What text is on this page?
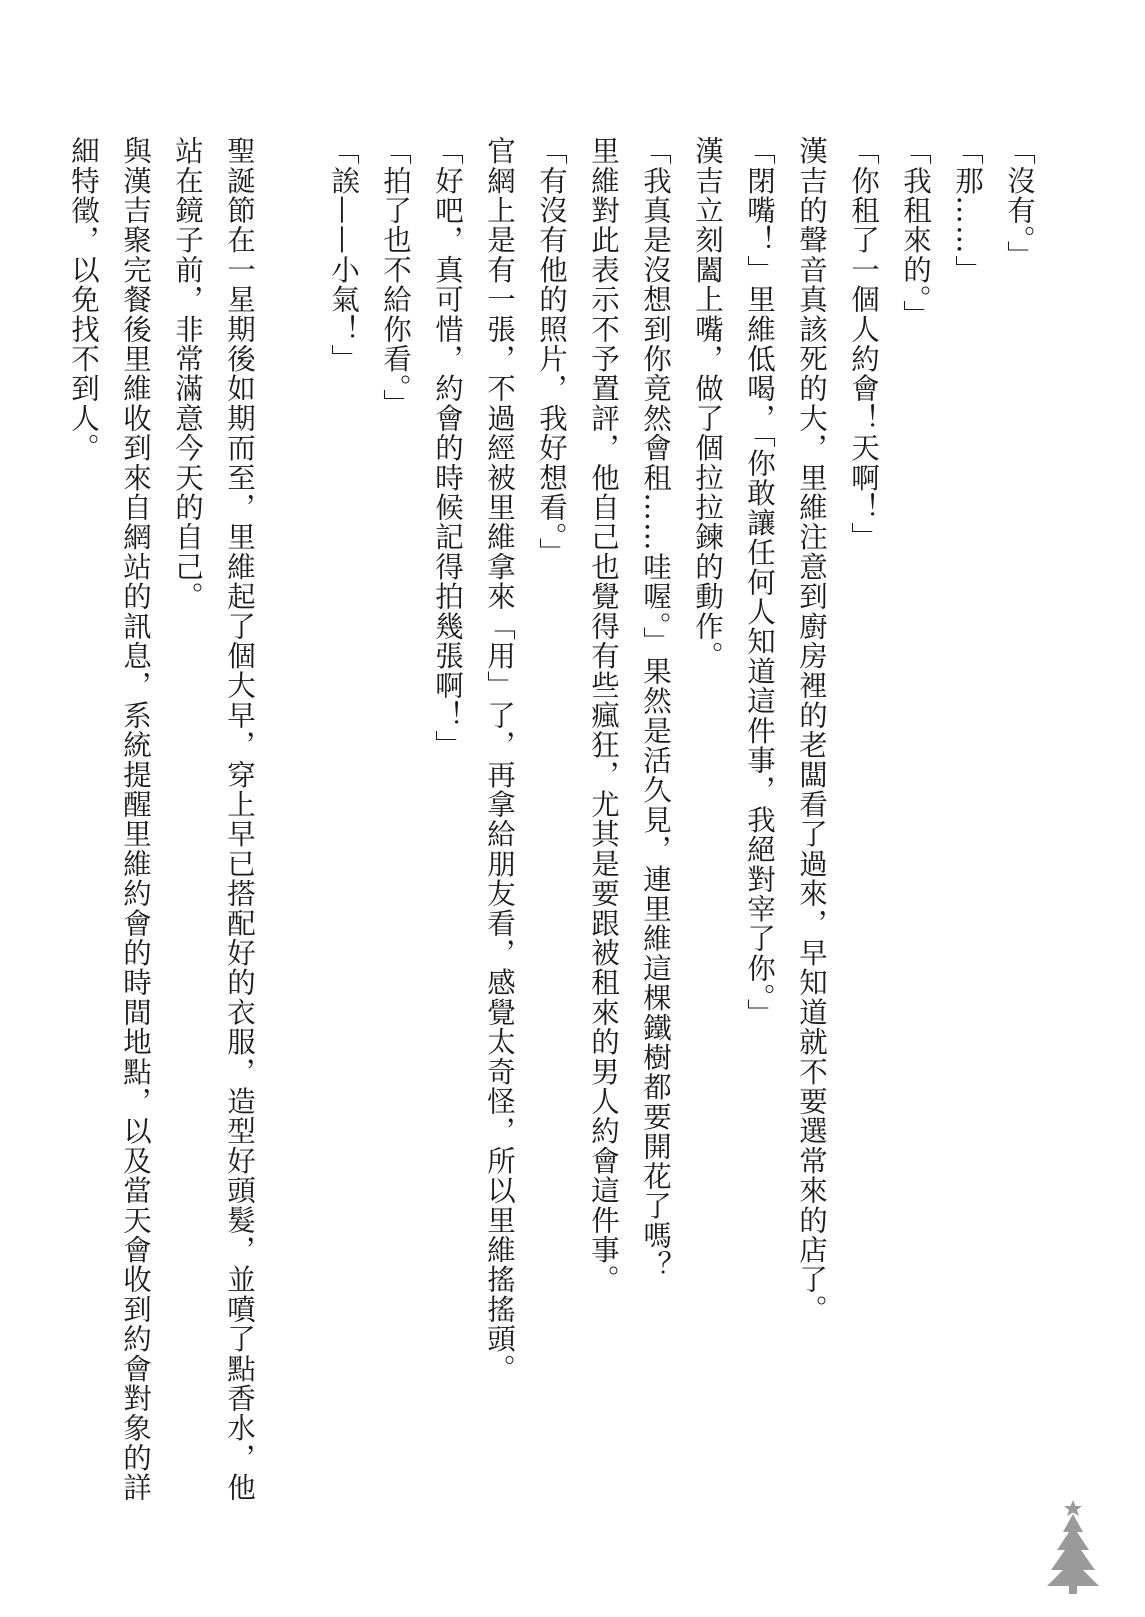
「沒有。」

「那……」

「我租來的。」

「你租了一個人約會！天啊！」

漢吉的聲音真該死的大，里維注意到廚房裡的老闆看了過來，早知道就不要選常來的店了。

「閉嘴！」里維低喝，「你敢讓任何人知道這件事，我絕對宰了你。」

漢吉立刻闔上嘴，做了個拉拉鍊的動作。

「我真是沒想到你竟然會租……哇喔。」果然是活久見，連里維這棵鐵樹都要開花了嗎？

里維對此表示不予置評，他自己也覺得有些瘋狂，尤其是要跟被租來的男人約會這件事。

「有沒有他的照片，我好想看。」

官網上是有一張，不過經被里維拿來「用」了，再拿給朋友看，感覺太奇怪，所以里維搖搖頭。

「好吧，真可惜，約會的時候記得拍幾張啊！」

「拍了也不給你看。」

「誒——小氣！」

聖誕節在一星期後如期而至，里維起了個大早，穿上早已搭配好的衣服，造型好頭髮，並噴了點香水，他站在鏡子前，非常滿意今天的自己。

與漢吉聚完餐後里維收到來自網站的訊息，系統提醒里維約會的時間地點，以及當天會收到約會對象的詳細特徵，以免找不到人。
